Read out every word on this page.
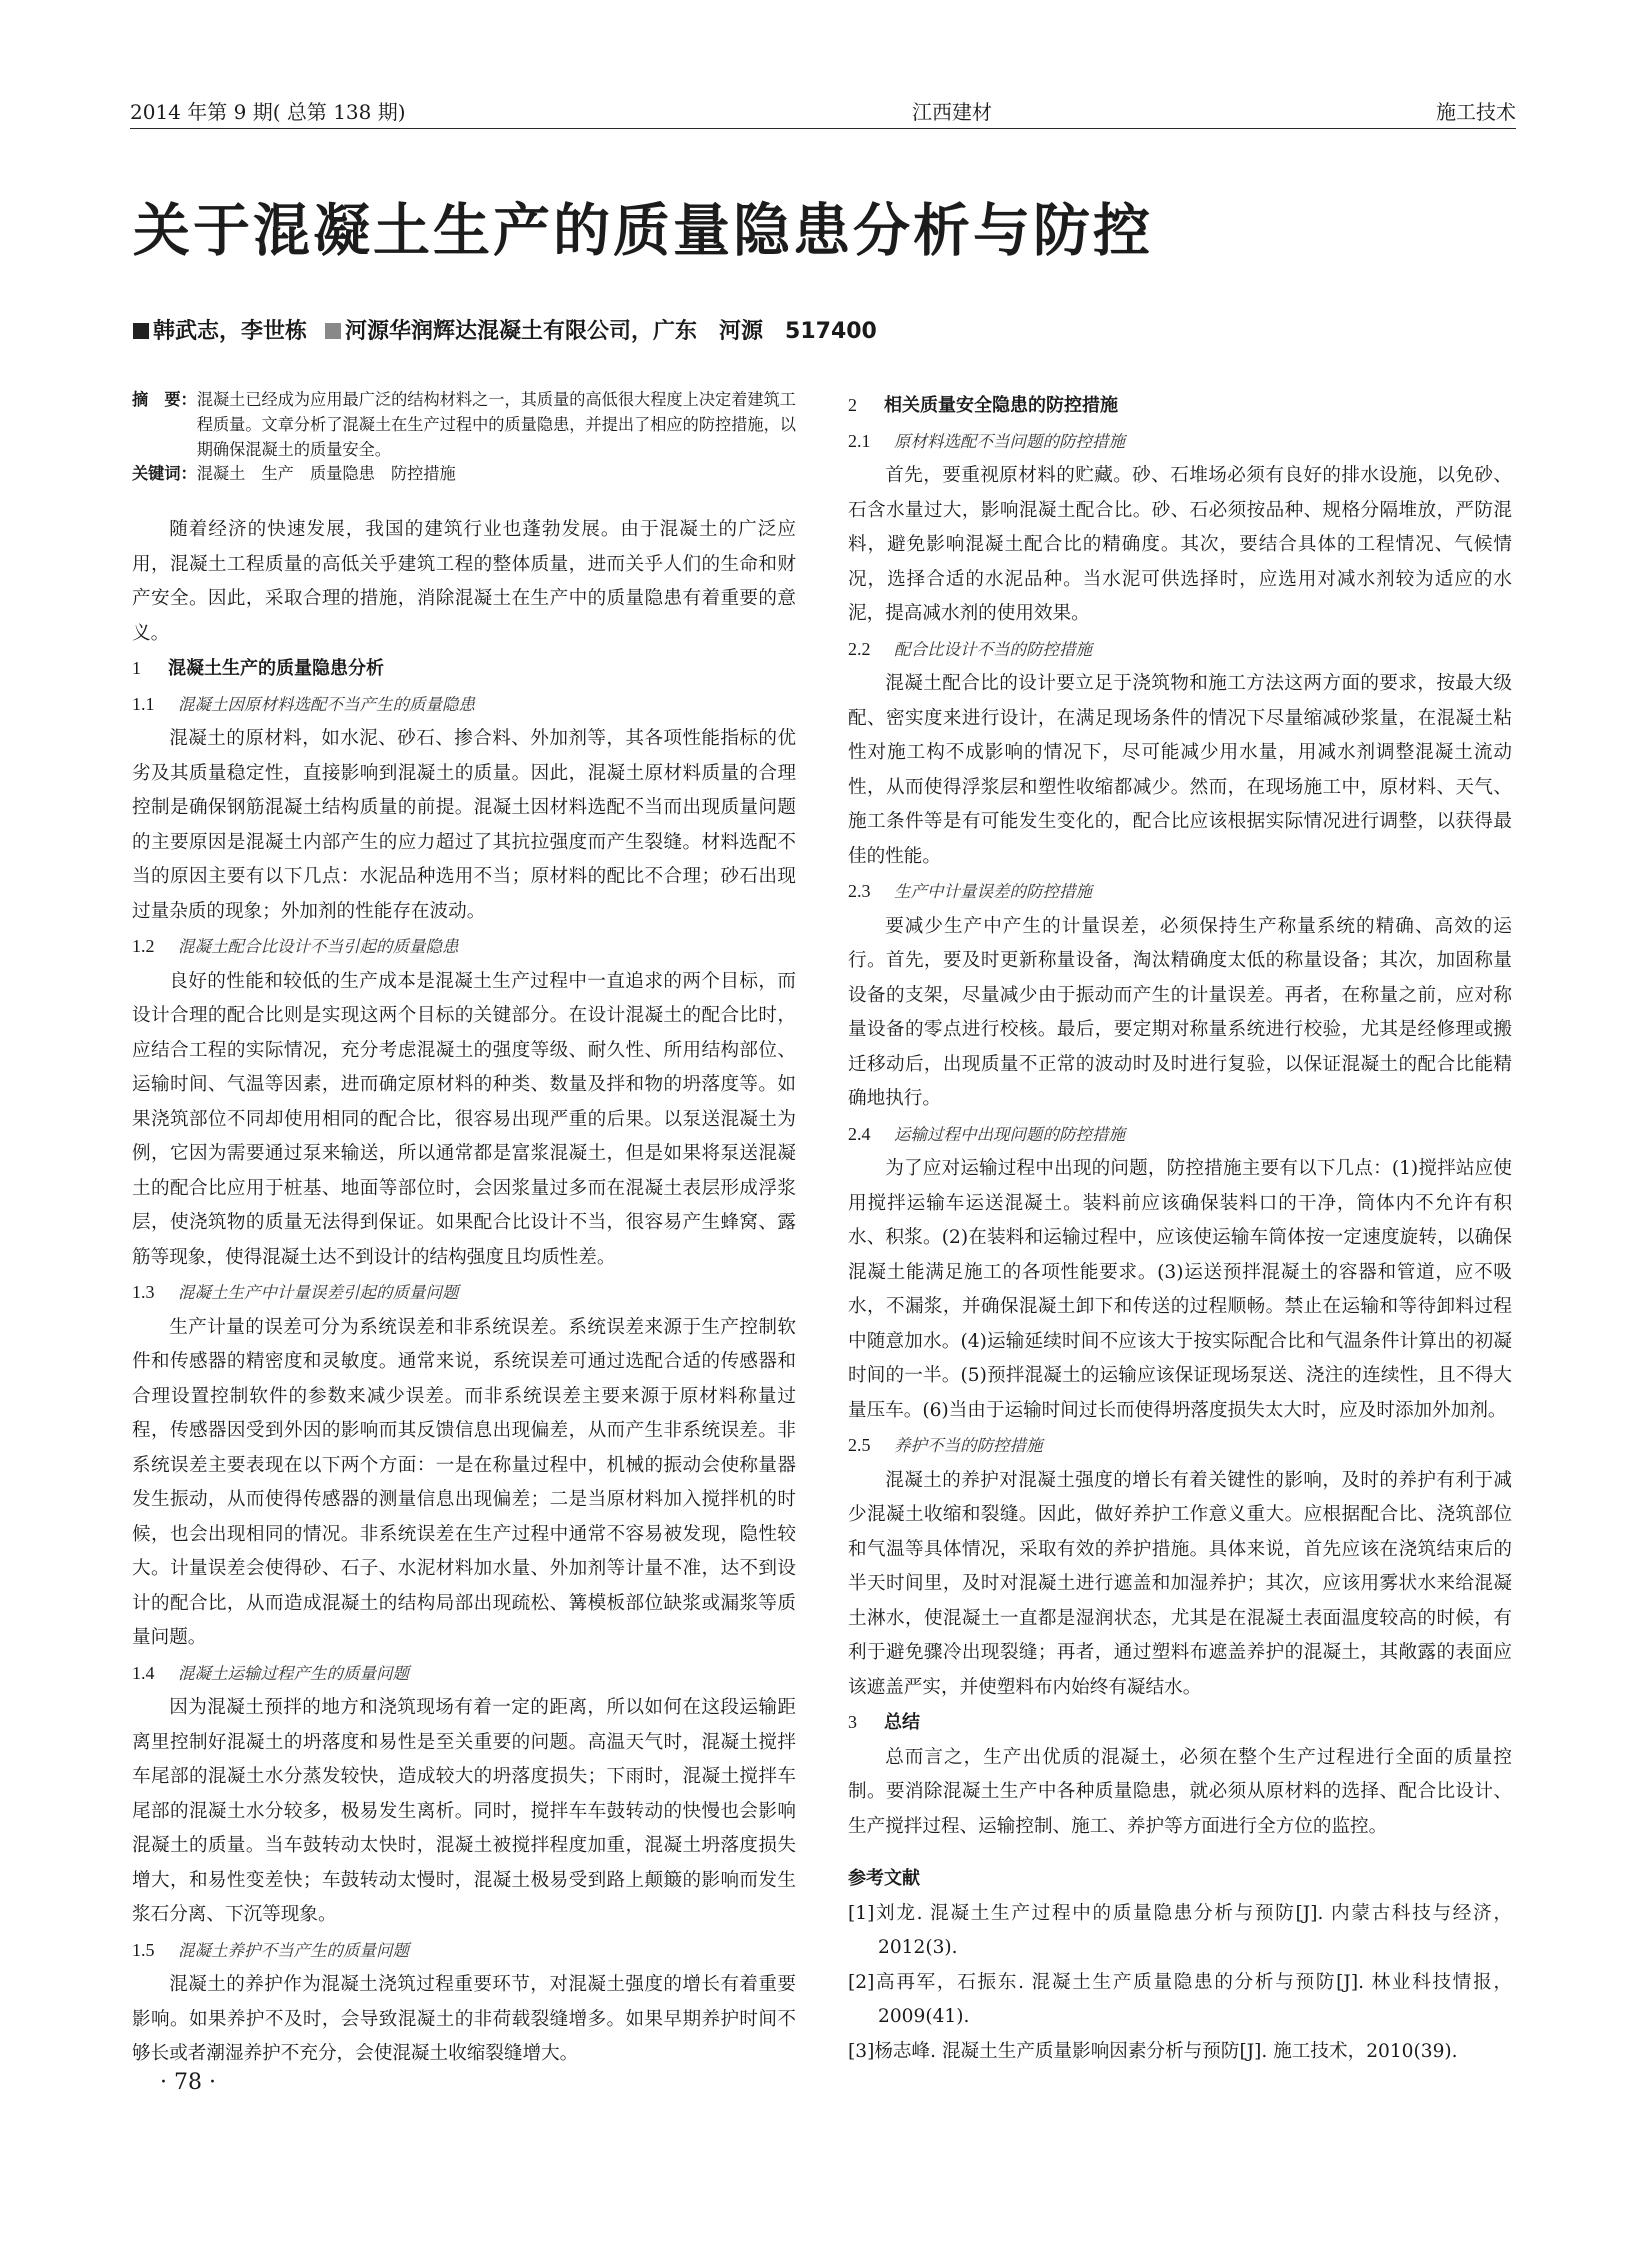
2014 年第 9 期( 总第 138 期)	江西建材	施工技术
关于混凝土生产的质量隐患分析与防控
韩武志，李世栋 河源华润辉达混凝土有限公司，广东　河源　517400
摘　要： 混凝土已经成为应用最广泛的结构材料之一，其质量的高低很大程度上决定着建筑工程质量。文章分析了混凝土在生产过程中的质量隐患，并提出了相应的防控措施，以期确保混凝土的质量安全。
关键词： 混凝土　生产　质量隐患　防控措施

随着经济的快速发展，我国的建筑行业也蓬勃发展。由于混凝土的广泛应用，混凝土工程质量的高低关乎建筑工程的整体质量，进而关乎人们的生命和财产安全。因此，采取合理的措施，消除混凝土在生产中的质量隐患有着重要的意义。

1 混凝土生产的质量隐患分析
1.1 混凝土因原材料选配不当产生的质量隐患

混凝土的原材料，如水泥、砂石、掺合料、外加剂等，其各项性能指标的优劣及其质量稳定性，直接影响到混凝土的质量。因此，混凝土原材料质量的合理控制是确保钢筋混凝土结构质量的前提。混凝土因材料选配不当而出现质量问题的主要原因是混凝土内部产生的应力超过了其抗拉强度而产生裂缝。材料选配不当的原因主要有以下几点：水泥品种选用不当；原材料的配比不合理；砂石出现过量杂质的现象；外加剂的性能存在波动。

1.2 混凝土配合比设计不当引起的质量隐患

良好的性能和较低的生产成本是混凝土生产过程中一直追求的两个目标，而设计合理的配合比则是实现这两个目标的关键部分。在设计混凝土的配合比时，应结合工程的实际情况，充分考虑混凝土的强度等级、耐久性、所用结构部位、运输时间、气温等因素，进而确定原材料的种类、数量及拌和物的坍落度等。如果浇筑部位不同却使用相同的配合比，很容易出现严重的后果。以泵送混凝土为例，它因为需要通过泵来输送，所以通常都是富浆混凝土，但是如果将泵送混凝土的配合比应用于桩基、地面等部位时，会因浆量过多而在混凝土表层形成浮浆层，使浇筑物的质量无法得到保证。如果配合比设计不当，很容易产生蜂窝、露筋等现象，使得混凝土达不到设计的结构强度且均质性差。

1.3 混凝土生产中计量误差引起的质量问题

生产计量的误差可分为系统误差和非系统误差。系统误差来源于生产控制软件和传感器的精密度和灵敏度。通常来说，系统误差可通过选配合适的传感器和合理设置控制软件的参数来减少误差。而非系统误差主要来源于原材料称量过程，传感器因受到外因的影响而其反馈信息出现偏差，从而产生非系统误差。非系统误差主要表现在以下两个方面：一是在称量过程中，机械的振动会使称量器发生振动，从而使得传感器的测量信息出现偏差；二是当原材料加入搅拌机的时候，也会出现相同的情况。非系统误差在生产过程中通常不容易被发现，隐性较大。计量误差会使得砂、石子、水泥材料加水量、外加剂等计量不准，达不到设计的配合比，从而造成混凝土的结构局部出现疏松、篝模板部位缺浆或漏浆等质量问题。

1.4 混凝土运输过程产生的质量问题

因为混凝土预拌的地方和浇筑现场有着一定的距离，所以如何在这段运输距离里控制好混凝土的坍落度和易性是至关重要的问题。高温天气时，混凝土搅拌车尾部的混凝土水分蒸发较快，造成较大的坍落度损失；下雨时，混凝土搅拌车尾部的混凝土水分较多，极易发生离析。同时，搅拌车车鼓转动的快慢也会影响混凝土的质量。当车鼓转动太快时，混凝土被搅拌程度加重，混凝土坍落度损失增大，和易性变差快；车鼓转动太慢时，混凝土极易受到路上颠簸的影响而发生浆石分离、下沉等现象。

1.5 混凝土养护不当产生的质量问题

混凝土的养护作为混凝土浇筑过程重要环节，对混凝土强度的增长有着重要影响。如果养护不及时，会导致混凝土的非荷载裂缝增多。如果早期养护时间不够长或者潮湿养护不充分，会使混凝土收缩裂缝增大。

2 相关质量安全隐患的防控措施
2.1 原材料选配不当问题的防控措施

首先，要重视原材料的贮藏。砂、石堆场必须有良好的排水设施，以免砂、石含水量过大，影响混凝土配合比。砂、石必须按品种、规格分隔堆放，严防混料，避免影响混凝土配合比的精确度。其次，要结合具体的工程情况、气候情况，选择合适的水泥品种。当水泥可供选择时，应选用对减水剂较为适应的水泥，提高减水剂的使用效果。

2.2 配合比设计不当的防控措施

混凝土配合比的设计要立足于浇筑物和施工方法这两方面的要求，按最大级配、密实度来进行设计，在满足现场条件的情况下尽量缩减砂浆量，在混凝土粘性对施工构不成影响的情况下，尽可能减少用水量，用减水剂调整混凝土流动性，从而使得浮浆层和塑性收缩都减少。然而，在现场施工中，原材料、天气、施工条件等是有可能发生变化的，配合比应该根据实际情况进行调整，以获得最佳的性能。

2.3 生产中计量误差的防控措施

要减少生产中产生的计量误差，必须保持生产称量系统的精确、高效的运行。首先，要及时更新称量设备，淘汰精确度太低的称量设备；其次，加固称量设备的支架，尽量减少由于振动而产生的计量误差。再者，在称量之前，应对称量设备的零点进行校核。最后，要定期对称量系统进行校验，尤其是经修理或搬迁移动后，出现质量不正常的波动时及时进行复验，以保证混凝土的配合比能精确地执行。

2.4 运输过程中出现问题的防控措施

为了应对运输过程中出现的问题，防控措施主要有以下几点：(1)搅拌站应使用搅拌运输车运送混凝土。装料前应该确保装料口的干净，筒体内不允许有积水、积浆。(2)在装料和运输过程中，应该使运输车筒体按一定速度旋转，以确保混凝土能满足施工的各项性能要求。(3)运送预拌混凝土的容器和管道，应不吸水，不漏浆，并确保混凝土卸下和传送的过程顺畅。禁止在运输和等待卸料过程中随意加水。(4)运输延续时间不应该大于按实际配合比和气温条件计算出的初凝时间的一半。(5)预拌混凝土的运输应该保证现场泵送、浇注的连续性，且不得大量压车。(6)当由于运输时间过长而使得坍落度损失太大时，应及时添加外加剂。

2.5 养护不当的防控措施

混凝土的养护对混凝土强度的增长有着关键性的影响，及时的养护有利于减少混凝土收缩和裂缝。因此，做好养护工作意义重大。应根据配合比、浇筑部位和气温等具体情况，采取有效的养护措施。具体来说，首先应该在浇筑结束后的半天时间里，及时对混凝土进行遮盖和加湿养护；其次，应该用雾状水来给混凝土淋水，使混凝土一直都是湿润状态，尤其是在混凝土表面温度较高的时候，有利于避免骤冷出现裂缝；再者，通过塑料布遮盖养护的混凝土，其敞露的表面应该遮盖严实，并使塑料布内始终有凝结水。

3 总结

总而言之，生产出优质的混凝土，必须在整个生产过程进行全面的质量控制。要消除混凝土生产中各种质量隐患，就必须从原材料的选择、配合比设计、生产搅拌过程、运输控制、施工、养护等方面进行全方位的监控。

参考文献
[1]刘龙. 混凝土生产过程中的质量隐患分析与预防[J]. 内蒙古科技与经济，2012(3).
[2]高再军，石振东. 混凝土生产质量隐患的分析与预防[J]. 林业科技情报，2009(41).
[3]杨志峰. 混凝土生产质量影响因素分析与预防[J]. 施工技术，2010(39).
· 78 ·
